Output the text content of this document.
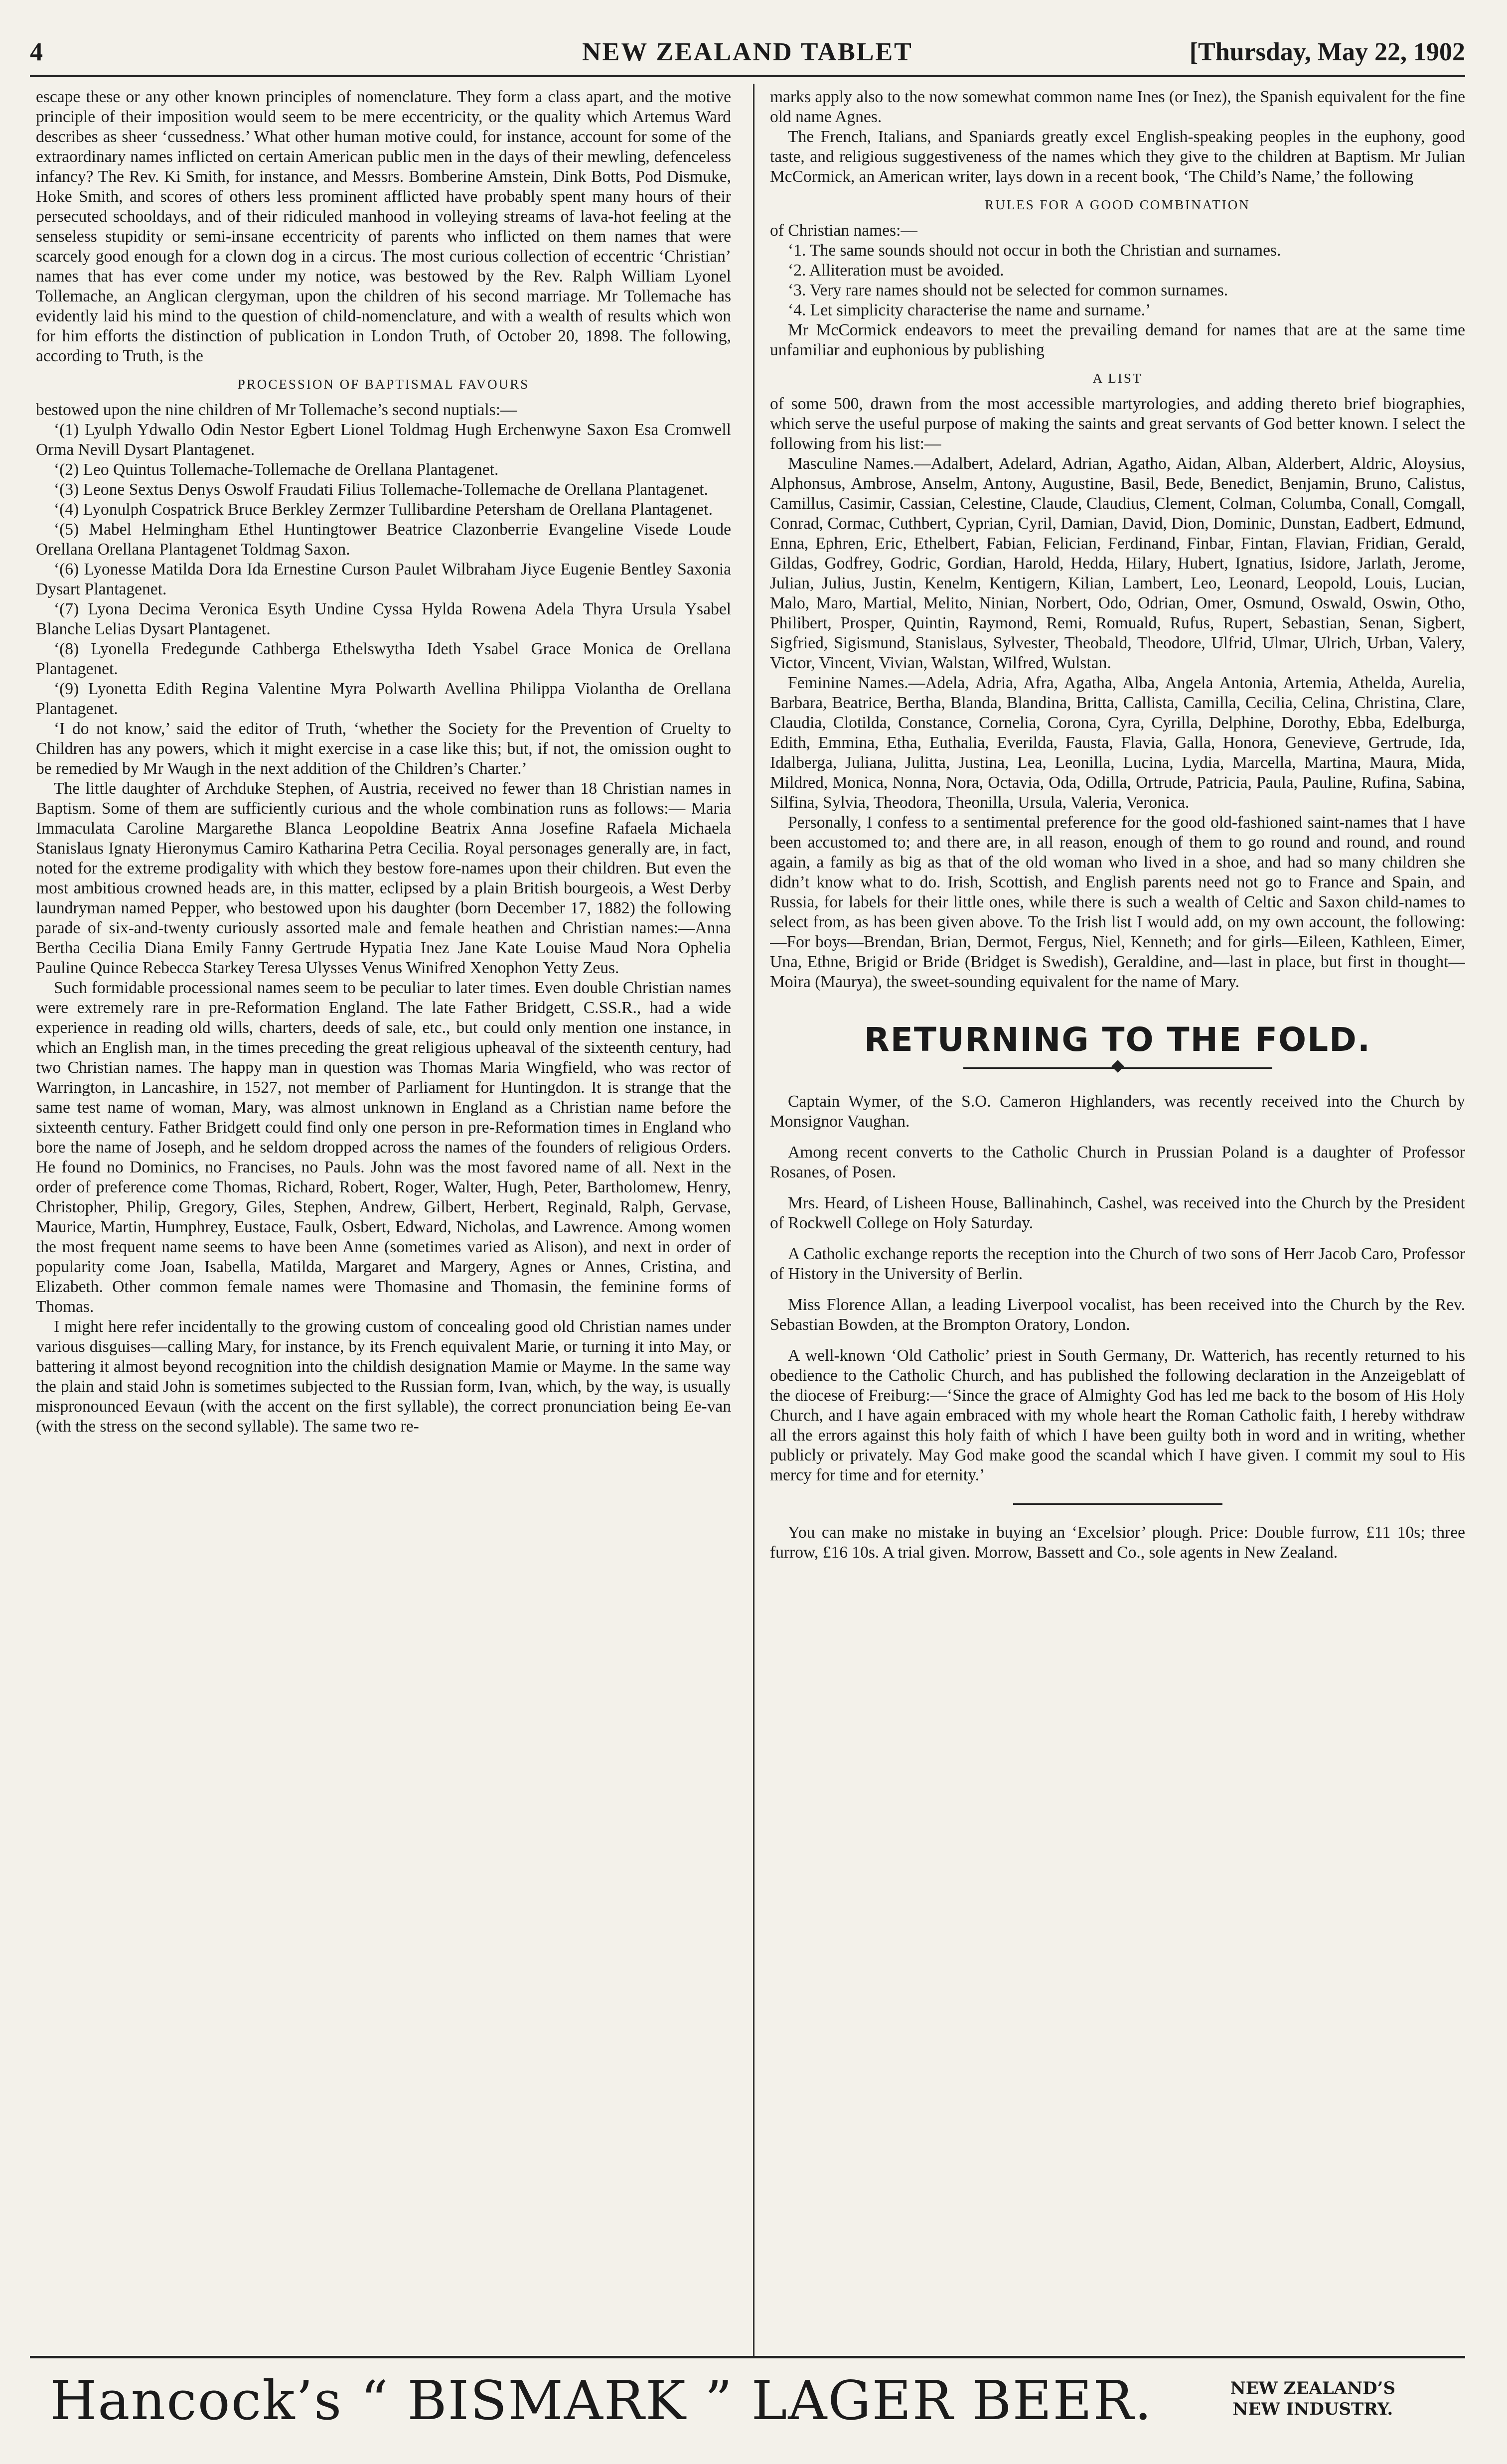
4	NEW ZEALAND TABLET	[Thursday, May 22, 1902

escape these or any other known principles of nomenclature. They form a class apart, and the motive principle of their imposition would seem to be mere eccentricity, or the quality which Artemus Ward describes as sheer ‘cussedness.’ What other human motive could, for instance, account for some of the extraordinary names inflicted on certain American public men in the days of their mewling, defenceless infancy? The Rev. Ki Smith, for instance, and Messrs. Bomberine Amstein, Dink Botts, Pod Dismuke, Hoke Smith, and scores of others less prominent afflicted have probably spent many hours of their persecuted schooldays, and of their ridiculed manhood in volleying streams of lava-hot feeling at the senseless stupidity or semi-insane eccentricity of parents who inflicted on them names that were scarcely good enough for a clown dog in a circus. The most curious collection of eccentric ‘Christian’ names that has ever come under my notice, was bestowed by the Rev. Ralph William Lyonel Tollemache, an Anglican clergyman, upon the children of his second marriage. Mr Tollemache has evidently laid his mind to the question of child-nomenclature, and with a wealth of results which won for him efforts the distinction of publication in London Truth, of October 20, 1898. The following, according to Truth, is the

PROCESSION OF BAPTISMAL FAVOURS

bestowed upon the nine children of Mr Tollemache’s second nuptials:—

‘(1) Lyulph Ydwallo Odin Nestor Egbert Lionel Toldmag Hugh Erchenwyne Saxon Esa Cromwell Orma Nevill Dysart Plantagenet.

‘(2) Leo Quintus Tollemache-Tollemache de Orellana Plantagenet.

‘(3) Leone Sextus Denys Oswolf Fraudati Filius Tollemache-Tollemache de Orellana Plantagenet.

‘(4) Lyonulph Cospatrick Bruce Berkley Zermzer Tullibardine Petersham de Orellana Plantagenet.

‘(5) Mabel Helmingham Ethel Huntingtower Beatrice Clazonberrie Evangeline Visede Loude Orellana Orellana Plantagenet Toldmag Saxon.

‘(6) Lyonesse Matilda Dora Ida Ernestine Curson Paulet Wilbraham Jiyce Eugenie Bentley Saxonia Dysart Plantagenet.

‘(7) Lyona Decima Veronica Esyth Undine Cyssa Hylda Rowena Adela Thyra Ursula Ysabel Blanche Lelias Dysart Plantagenet.

‘(8) Lyonella Fredegunde Cathberga Ethelswytha Ideth Ysabel Grace Monica de Orellana Plantagenet.

‘(9) Lyonetta Edith Regina Valentine Myra Polwarth Avellina Philippa Violantha de Orellana Plantagenet.

‘I do not know,’ said the editor of Truth, ‘whether the Society for the Prevention of Cruelty to Children has any powers, which it might exercise in a case like this; but, if not, the omission ought to be remedied by Mr Waugh in the next addition of the Children’s Charter.’

The little daughter of Archduke Stephen, of Austria, received no fewer than 18 Christian names in Baptism. Some of them are sufficiently curious and the whole combination runs as follows:— Maria Immaculata Caroline Margarethe Blanca Leopoldine Beatrix Anna Josefine Rafaela Michaela Stanislaus Ignaty Hieronymus Camiro Katharina Petra Cecilia. Royal personages generally are, in fact, noted for the extreme prodigality with which they bestow fore-names upon their children. But even the most ambitious crowned heads are, in this matter, eclipsed by a plain British bourgeois, a West Derby laundryman named Pepper, who bestowed upon his daughter (born December 17, 1882) the following parade of six-and-twenty curiously assorted male and female heathen and Christian names:—Anna Bertha Cecilia Diana Emily Fanny Gertrude Hypatia Inez Jane Kate Louise Maud Nora Ophelia Pauline Quince Rebecca Starkey Teresa Ulysses Venus Winifred Xenophon Yetty Zeus.

Such formidable processional names seem to be peculiar to later times. Even double Christian names were extremely rare in pre-Reformation England. The late Father Bridgett, C.SS.R., had a wide experience in reading old wills, charters, deeds of sale, etc., but could only mention one instance, in which an English man, in the times preceding the great religious upheaval of the sixteenth century, had two Christian names. The happy man in question was Thomas Maria Wingfield, who was rector of Warrington, in Lancashire, in 1527, not member of Parliament for Huntingdon. It is strange that the same test name of woman, Mary, was almost unknown in England as a Christian name before the sixteenth century. Father Bridgett could find only one person in pre-Reformation times in England who bore the name of Joseph, and he seldom dropped across the names of the founders of religious Orders. He found no Dominics, no Francises, no Pauls. John was the most favored name of all. Next in the order of preference come Thomas, Richard, Robert, Roger, Walter, Hugh, Peter, Bartholomew, Henry, Christopher, Philip, Gregory, Giles, Stephen, Andrew, Gilbert, Herbert, Reginald, Ralph, Gervase, Maurice, Martin, Humphrey, Eustace, Faulk, Osbert, Edward, Nicholas, and Lawrence. Among women the most frequent name seems to have been Anne (sometimes varied as Alison), and next in order of popularity come Joan, Isabella, Matilda, Margaret and Margery, Agnes or Annes, Cristina, and Elizabeth. Other common female names were Thomasine and Thomasin, the feminine forms of Thomas.

I might here refer incidentally to the growing custom of concealing good old Christian names under various disguises—calling Mary, for instance, by its French equivalent Marie, or turning it into May, or battering it almost beyond recognition into the childish designation Mamie or Mayme. In the same way the plain and staid John is sometimes subjected to the Russian form, Ivan, which, by the way, is usually mispronounced Eevaun (with the accent on the first syllable), the correct pronunciation being Ee-van (with the stress on the second syllable). The same two re-

marks apply also to the now somewhat common name Ines (or Inez), the Spanish equivalent for the fine old name Agnes.

The French, Italians, and Spaniards greatly excel English-speaking peoples in the euphony, good taste, and religious suggestiveness of the names which they give to the children at Baptism. Mr Julian McCormick, an American writer, lays down in a recent book, ‘The Child’s Name,’ the following

RULES FOR A GOOD COMBINATION

of Christian names:—

‘1. The same sounds should not occur in both the Christian and surnames.

‘2. Alliteration must be avoided.

‘3. Very rare names should not be selected for common surnames.

‘4. Let simplicity characterise the name and surname.’

Mr McCormick endeavors to meet the prevailing demand for names that are at the same time unfamiliar and euphonious by publishing

A LIST

of some 500, drawn from the most accessible martyrologies, and adding thereto brief biographies, which serve the useful purpose of making the saints and great servants of God better known. I select the following from his list:—

Masculine Names.—Adalbert, Adelard, Adrian, Agatho, Aidan, Alban, Alderbert, Aldric, Aloysius, Alphonsus, Ambrose, Anselm, Antony, Augustine, Basil, Bede, Benedict, Benjamin, Bruno, Calistus, Camillus, Casimir, Cassian, Celestine, Claude, Claudius, Clement, Colman, Columba, Conall, Comgall, Conrad, Cormac, Cuthbert, Cyprian, Cyril, Damian, David, Dion, Dominic, Dunstan, Eadbert, Edmund, Enna, Ephren, Eric, Ethelbert, Fabian, Felician, Ferdinand, Finbar, Fintan, Flavian, Fridian, Gerald, Gildas, Godfrey, Godric, Gordian, Harold, Hedda, Hilary, Hubert, Ignatius, Isidore, Jarlath, Jerome, Julian, Julius, Justin, Kenelm, Kentigern, Kilian, Lambert, Leo, Leonard, Leopold, Louis, Lucian, Malo, Maro, Martial, Melito, Ninian, Norbert, Odo, Odrian, Omer, Osmund, Oswald, Oswin, Otho, Philibert, Prosper, Quintin, Raymond, Remi, Romuald, Rufus, Rupert, Sebastian, Senan, Sigbert, Sigfried, Sigismund, Stanislaus, Sylvester, Theobald, Theodore, Ulfrid, Ulmar, Ulrich, Urban, Valery, Victor, Vincent, Vivian, Walstan, Wilfred, Wulstan.

Feminine Names.—Adela, Adria, Afra, Agatha, Alba, Angela Antonia, Artemia, Athelda, Aurelia, Barbara, Beatrice, Bertha, Blanda, Blandina, Britta, Callista, Camilla, Cecilia, Celina, Christina, Clare, Claudia, Clotilda, Constance, Cornelia, Corona, Cyra, Cyrilla, Delphine, Dorothy, Ebba, Edelburga, Edith, Emmina, Etha, Euthalia, Everilda, Fausta, Flavia, Galla, Honora, Genevieve, Gertrude, Ida, Idalberga, Juliana, Julitta, Justina, Lea, Leonilla, Lucina, Lydia, Marcella, Martina, Maura, Mida, Mildred, Monica, Nonna, Nora, Octavia, Oda, Odilla, Ortrude, Patricia, Paula, Pauline, Rufina, Sabina, Silfina, Sylvia, Theodora, Theonilla, Ursula, Valeria, Veronica.

Personally, I confess to a sentimental preference for the good old-fashioned saint-names that I have been accustomed to; and there are, in all reason, enough of them to go round and round, and round again, a family as big as that of the old woman who lived in a shoe, and had so many children she didn’t know what to do. Irish, Scottish, and English parents need not go to France and Spain, and Russia, for labels for their little ones, while there is such a wealth of Celtic and Saxon child-names to select from, as has been given above. To the Irish list I would add, on my own account, the following:—For boys—Brendan, Brian, Dermot, Fergus, Niel, Kenneth; and for girls—Eileen, Kathleen, Eimer, Una, Ethne, Brigid or Bride (Bridget is Swedish), Geraldine, and—last in place, but first in thought—Moira (Maurya), the sweet-sounding equivalent for the name of Mary.

RETURNING TO THE FOLD.

Captain Wymer, of the S.O. Cameron Highlanders, was recently received into the Church by Monsignor Vaughan.

Among recent converts to the Catholic Church in Prussian Poland is a daughter of Professor Rosanes, of Posen.

Mrs. Heard, of Lisheen House, Ballinahinch, Cashel, was received into the Church by the President of Rockwell College on Holy Saturday.

A Catholic exchange reports the reception into the Church of two sons of Herr Jacob Caro, Professor of History in the University of Berlin.

Miss Florence Allan, a leading Liverpool vocalist, has been received into the Church by the Rev. Sebastian Bowden, at the Brompton Oratory, London.

A well-known ‘Old Catholic’ priest in South Germany, Dr. Watterich, has recently returned to his obedience to the Catholic Church, and has published the following declaration in the Anzeigeblatt of the diocese of Freiburg:—‘Since the grace of Almighty God has led me back to the bosom of His Holy Church, and I have again embraced with my whole heart the Roman Catholic faith, I hereby withdraw all the errors against this holy faith of which I have been guilty both in word and in writing, whether publicly or privately. May God make good the scandal which I have given. I commit my soul to His mercy for time and for eternity.’

You can make no mistake in buying an ‘Excelsior’ plough. Price: Double furrow, £11 10s; three furrow, £16 10s. A trial given. Morrow, Bassett and Co., sole agents in New Zealand.

Hancock’s “ BISMARK ” LAGER BEER.	NEW ZEALAND’S
NEW INDUSTRY.
